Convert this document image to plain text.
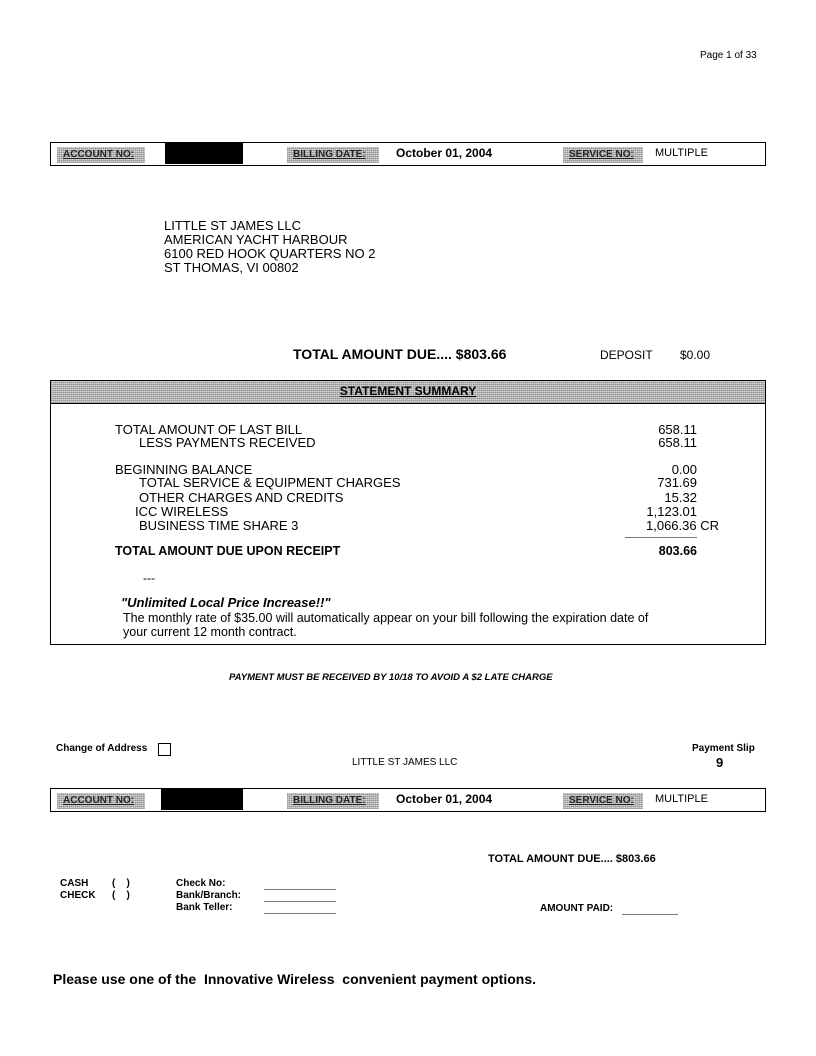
Page 1 of 33
ACCOUNT NO:	BILLING DATE:	October 01, 2004	SERVICE NO:	MULTIPLE
LITTLE ST JAMES LLC
AMERICAN YACHT HARBOUR
6100 RED HOOK QUARTERS NO 2
ST THOMAS, VI 00802
TOTAL AMOUNT DUE.... $803.66	DEPOSIT $0.00
STATEMENT SUMMARY
TOTAL AMOUNT OF LAST BILL	658.11
LESS PAYMENTS RECEIVED	658.11
BEGINNING BALANCE	0.00
TOTAL SERVICE & EQUIPMENT CHARGES	731.69
OTHER CHARGES AND CREDITS	15.32
ICC WIRELESS	1,123.01
BUSINESS TIME SHARE 3	1,066.36 CR
TOTAL AMOUNT DUE UPON RECEIPT	803.66
---
"Unlimited Local Price Increase!!"
The monthly rate of $35.00 will automatically appear on your bill following the expiration date of
your current 12 month contract.
PAYMENT MUST BE RECEIVED BY 10/18 TO AVOID A $2 LATE CHARGE
Change of Address	Payment Slip
9
LITTLE ST JAMES LLC
ACCOUNT NO:	BILLING DATE:	October 01, 2004	SERVICE NO:	MULTIPLE
TOTAL AMOUNT DUE.... $803.66
CASH (    )
CHECK (    )
Check No:
Bank/Branch:
Bank Teller:	AMOUNT PAID:
Please use one of the  Innovative Wireless  convenient payment options.
